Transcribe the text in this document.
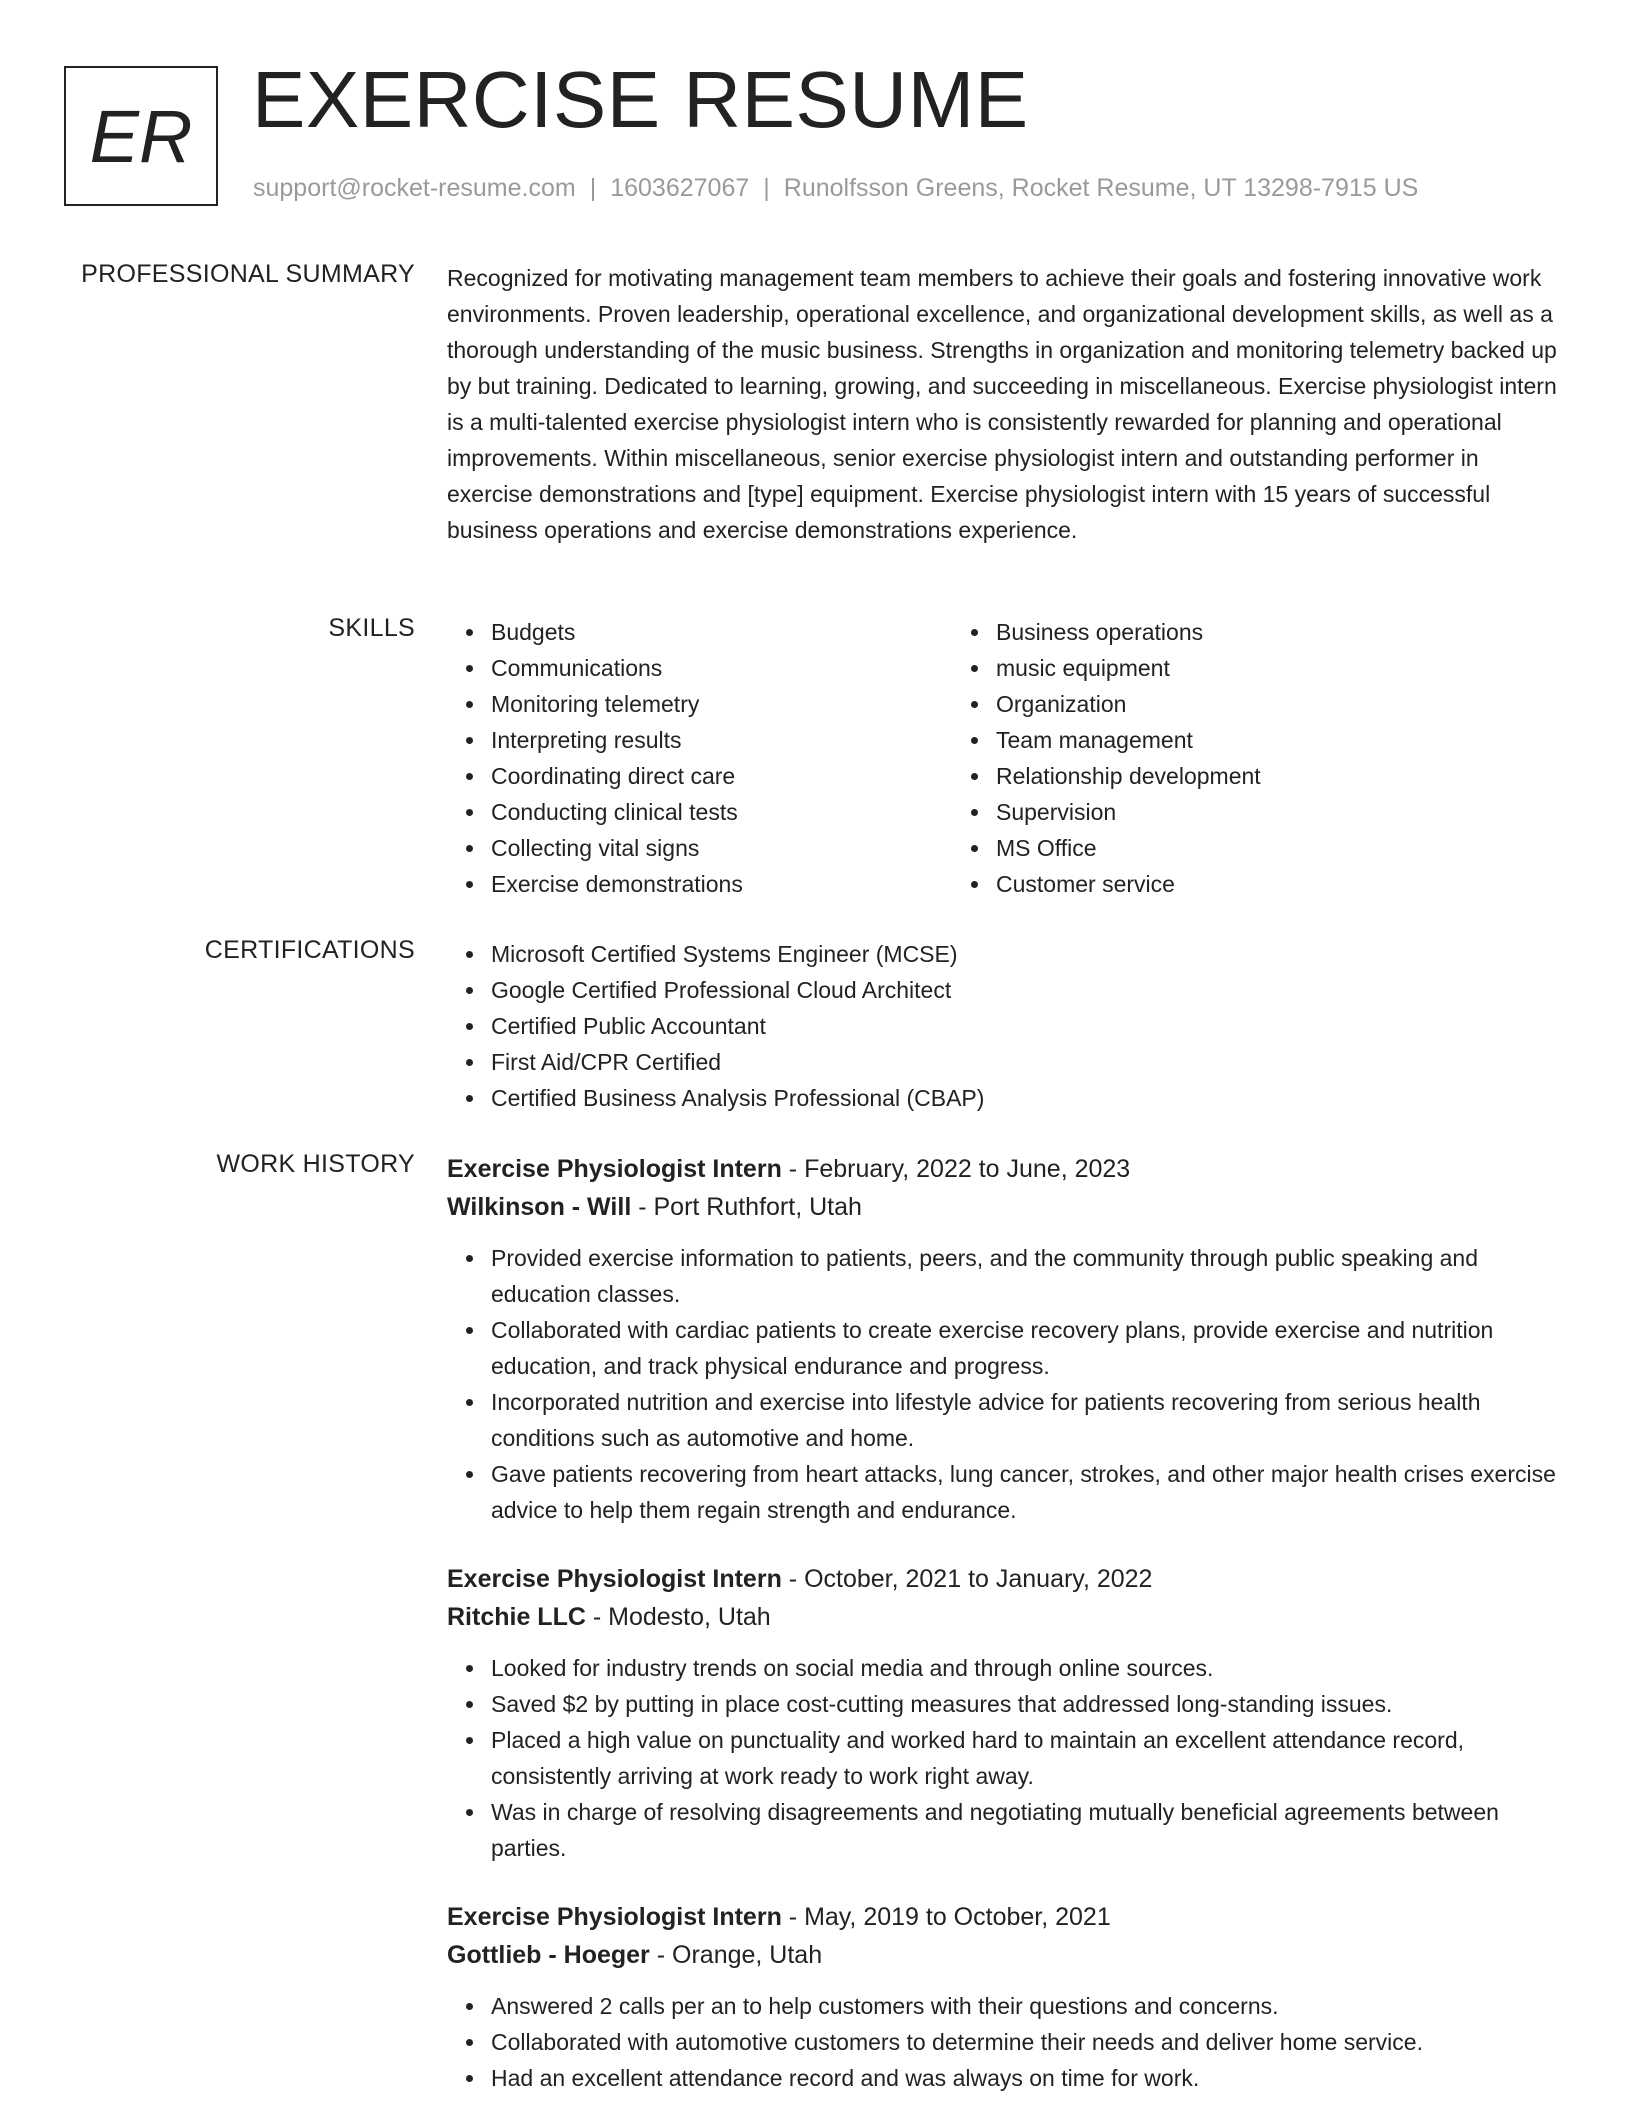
ER EXERCISE RESUME
support@rocket-resume.com | 1603627067 | Runolfsson Greens, Rocket Resume, UT 13298-7915 US
PROFESSIONAL SUMMARY Recognized for motivating management team members to achieve their goals and fostering innovative work environments. Proven leadership, operational excellence, and organizational development skills, as well as a thorough understanding of the music business. Strengths in organization and monitoring telemetry backed up by but training. Dedicated to learning, growing, and succeeding in miscellaneous. Exercise physiologist intern is a multi-talented exercise physiologist intern who is consistently rewarded for planning and operational improvements. Within miscellaneous, senior exercise physiologist intern and outstanding performer in exercise demonstrations and [type] equipment. Exercise physiologist intern with 15 years of successful business operations and exercise demonstrations experience.

SKILLS	Budgets
Communications
Monitoring telemetry
Interpreting results
Coordinating direct care
Conducting clinical tests
Collecting vital signs
Exercise demonstrations
Business operations
music equipment
Organization
Team management
Relationship development
Supervision
MS Office
Customer service
CERTIFICATIONS	Microsoft Certified Systems Engineer (MCSE)
Google Certified Professional Cloud Architect
Certified Public Accountant
First Aid/CPR Certified
Certified Business Analysis Professional (CBAP)
WORK HISTORY Exercise Physiologist Intern - February, 2022 to June, 2023
Wilkinson - Will - Port Ruthfort, Utah
Provided exercise information to patients, peers, and the community through public speaking and education classes.
Collaborated with cardiac patients to create exercise recovery plans, provide exercise and nutrition education, and track physical endurance and progress.
Incorporated nutrition and exercise into lifestyle advice for patients recovering from serious health conditions such as automotive and home.
Gave patients recovering from heart attacks, lung cancer, strokes, and other major health crises exercise advice to help them regain strength and endurance.
Exercise Physiologist Intern - October, 2021 to January, 2022
Ritchie LLC - Modesto, Utah
Looked for industry trends on social media and through online sources.
Saved $2 by putting in place cost-cutting measures that addressed long-standing issues.
Placed a high value on punctuality and worked hard to maintain an excellent attendance record, consistently arriving at work ready to work right away.
Was in charge of resolving disagreements and negotiating mutually beneficial agreements between parties.
Exercise Physiologist Intern - May, 2019 to October, 2021
Gottlieb - Hoeger - Orange, Utah
Answered 2 calls per an to help customers with their questions and concerns.
Collaborated with automotive customers to determine their needs and deliver home service.
Had an excellent attendance record and was always on time for work.
